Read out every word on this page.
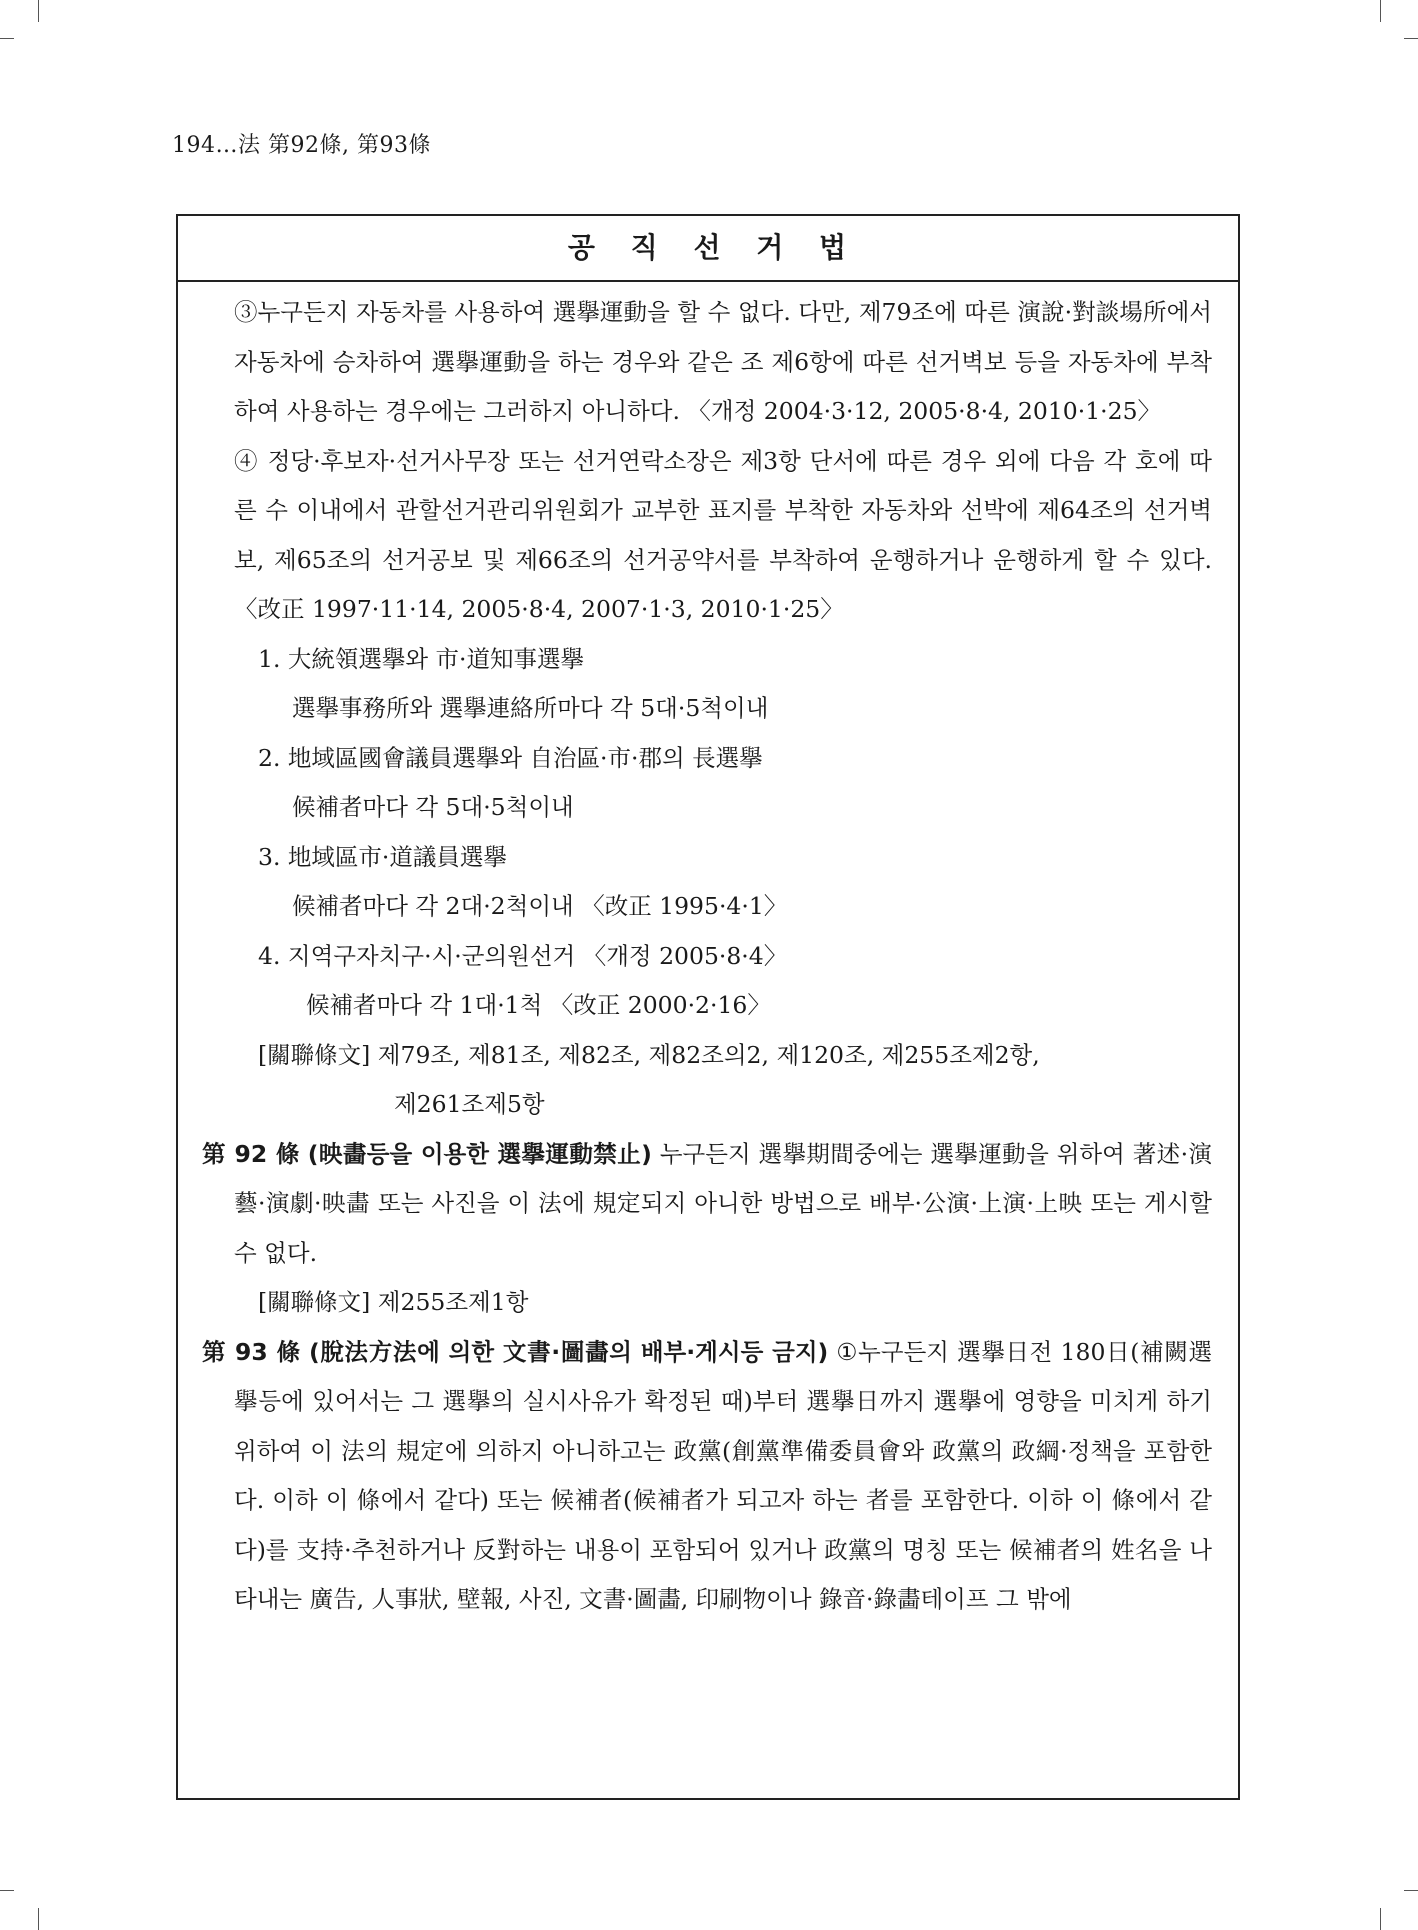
194…法 第92條, 第93條
공 직 선 거 법

③누구든지 자동차를 사용하여 選擧運動을 할 수 없다. 다만, 제79조에 따른 演說·對談場所에서 자동차에 승차하여 選擧運動을 하는 경우와 같은 조 제6항에 따른 선거벽보 등을 자동차에 부착하여 사용하는 경우에는 그러하지 아니하다. 〈개정 2004·3·12, 2005·8·4, 2010·1·25〉

④ 정당·후보자·선거사무장 또는 선거연락소장은 제3항 단서에 따른 경우 외에 다음 각 호에 따른 수 이내에서 관할선거관리위원회가 교부한 표지를 부착한 자동차와 선박에 제64조의 선거벽보, 제65조의 선거공보 및 제66조의 선거공약서를 부착하여 운행하거나 운행하게 할 수 있다. 〈改正 1997·11·14, 2005·8·4, 2007·1·3, 2010·1·25〉

1. 大統領選擧와 市·道知事選擧

選擧事務所와 選擧連絡所마다 각 5대·5척이내

2. 地域區國會議員選擧와 自治區·市·郡의 長選擧

候補者마다 각 5대·5척이내

3. 地域區市·道議員選擧

候補者마다 각 2대·2척이내 〈改正 1995·4·1〉

4. 지역구자치구·시·군의원선거 〈개정 2005·8·4〉

候補者마다 각 1대·1척 〈改正 2000·2·16〉

[關聯條文] 제79조, 제81조, 제82조, 제82조의2, 제120조, 제255조제2항,

제261조제5항

第 92 條 (映畵등을 이용한 選擧運動禁止) 누구든지 選擧期間중에는 選擧運動을 위하여 著述·演藝·演劇·映畵 또는 사진을 이 法에 規定되지 아니한 방법으로 배부·公演·上演·上映 또는 게시할 수 없다.

[關聯條文] 제255조제1항

第 93 條 (脫法方法에 의한 文書·圖畵의 배부·게시등 금지) ①누구든지 選擧日전 180日(補闕選擧등에 있어서는 그 選擧의 실시사유가 확정된 때)부터 選擧日까지 選擧에 영향을 미치게 하기 위하여 이 法의 規定에 의하지 아니하고는 政黨(創黨準備委員會와 政黨의 政綱·정책을 포함한다. 이하 이 條에서 같다) 또는 候補者(候補者가 되고자 하는 者를 포함한다. 이하 이 條에서 같다)를 支持·추천하거나 反對하는 내용이 포함되어 있거나 政黨의 명칭 또는 候補者의 姓名을 나타내는 廣告, 人事狀, 壁報, 사진, 文書·圖畵, 印刷物이나 錄音·錄畵테이프 그 밖에
